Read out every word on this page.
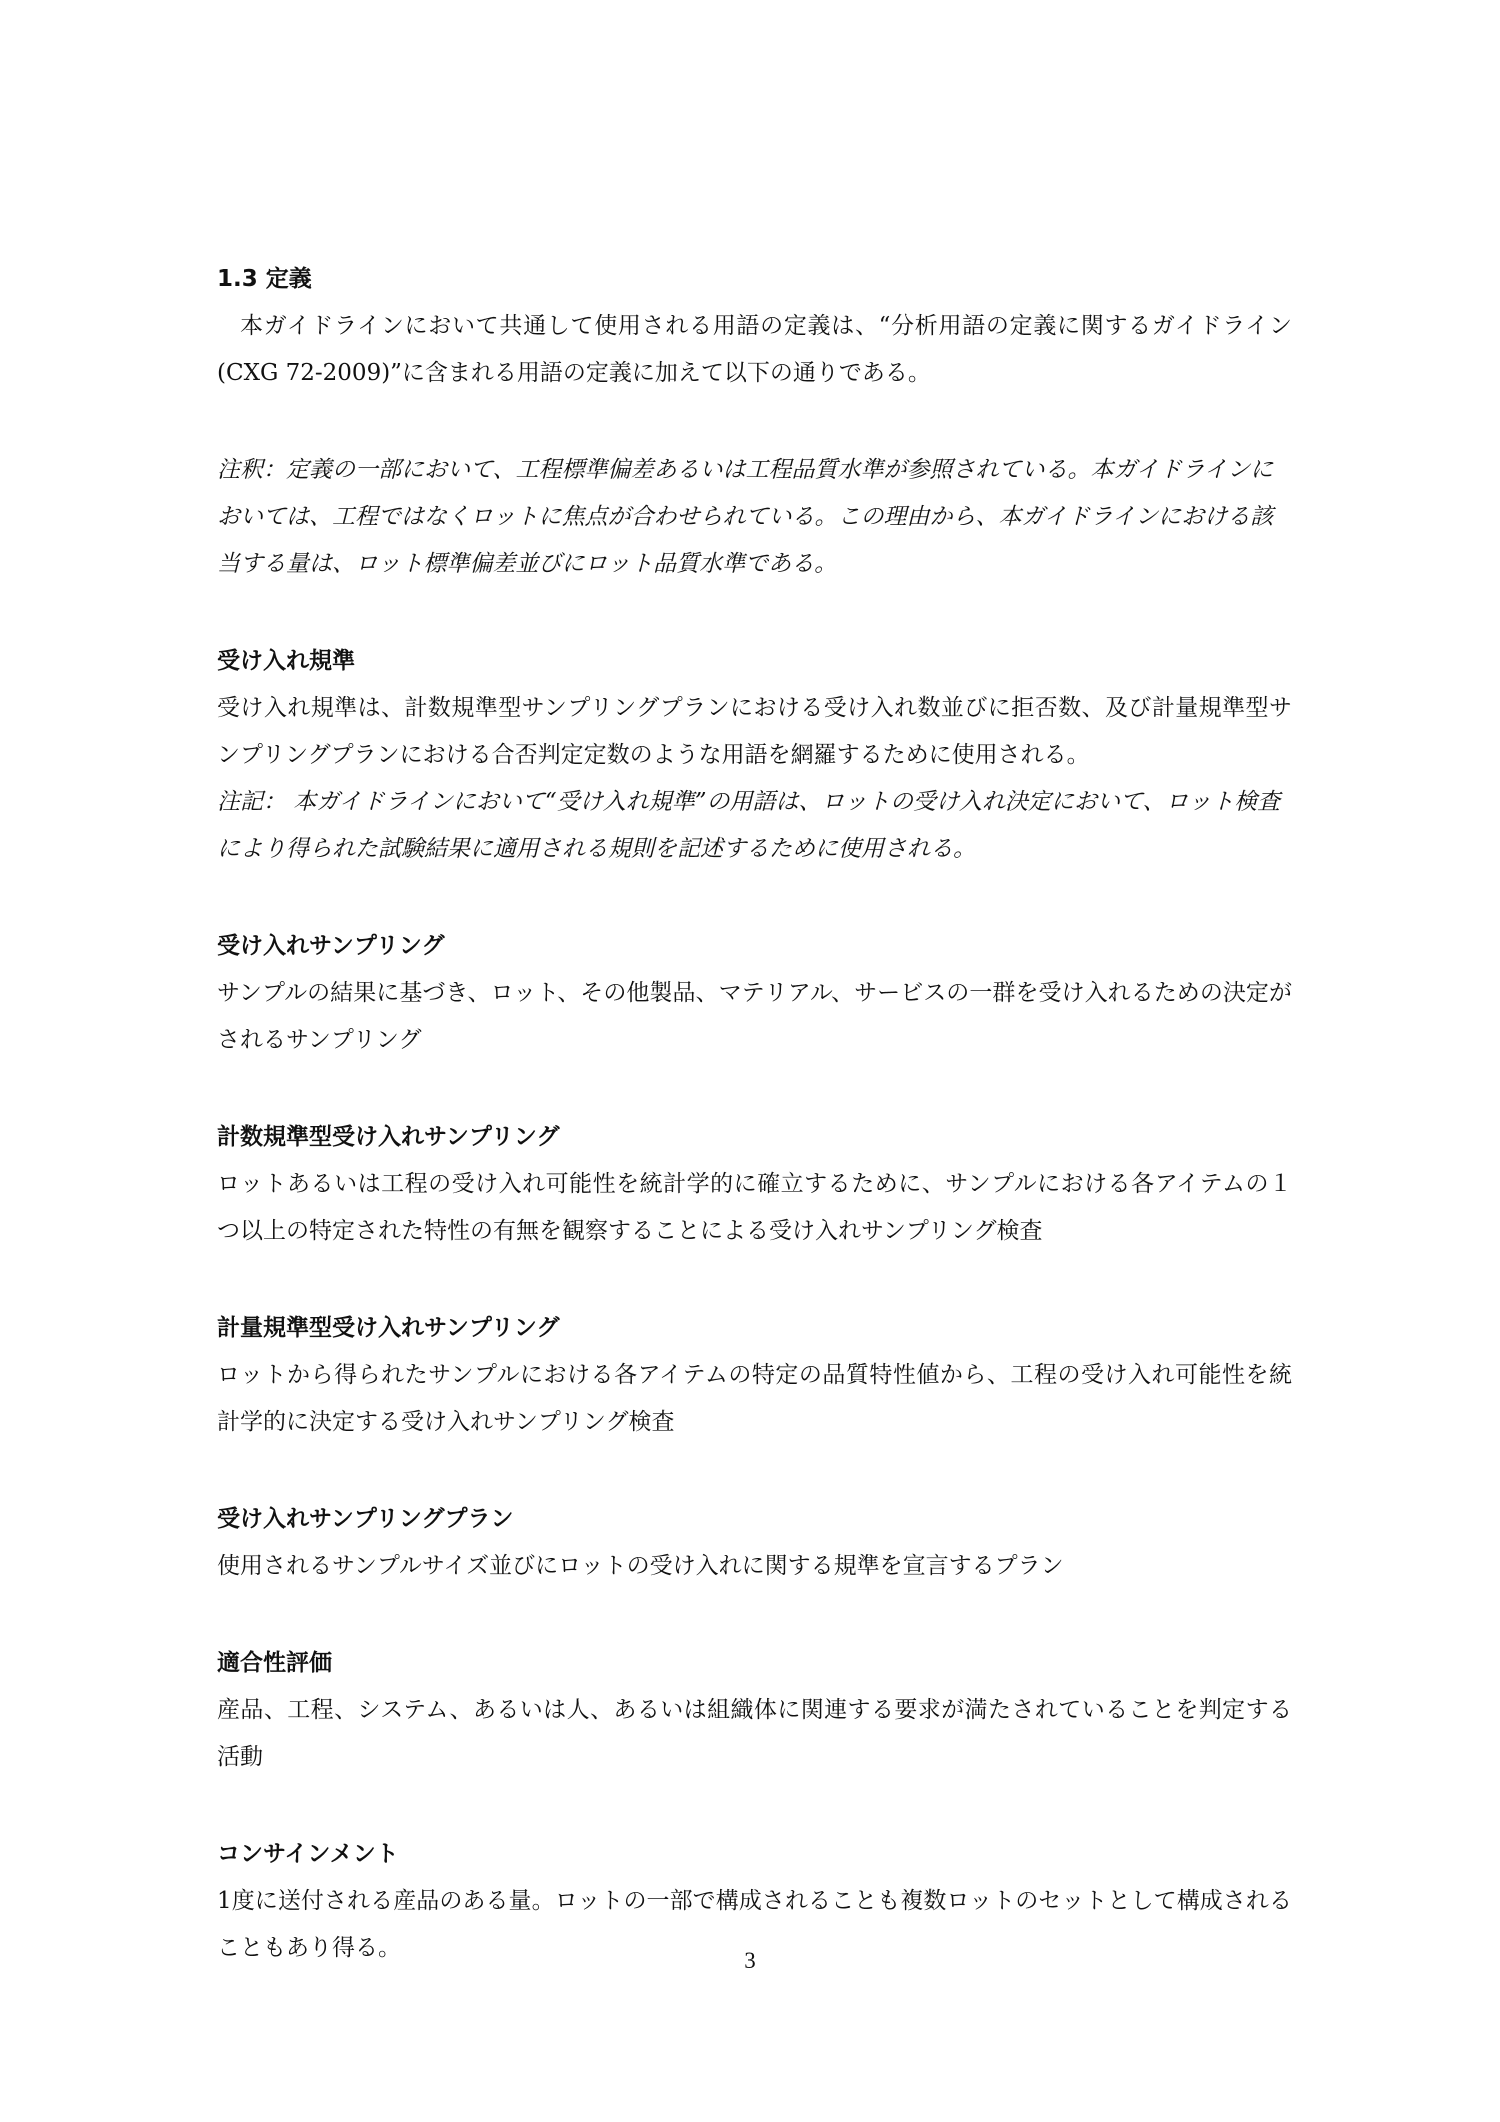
1.3 定義

本ガイドラインにおいて共通して使用される用語の定義は、“分析用語の定義に関するガイドライン(CXG 72-2009)”に含まれる用語の定義に加えて以下の通りである。

注釈：定義の一部において、工程標準偏差あるいは工程品質水準が参照されている。本ガイドラインにおいては、工程ではなくロットに焦点が合わせられている。この理由から、本ガイドラインにおける該当する量は、ロット標準偏差並びにロット品質水準である。

受け入れ規準

受け入れ規準は、計数規準型サンプリングプランにおける受け入れ数並びに拒否数、及び計量規準型サンプリングプランにおける合否判定定数のような用語を網羅するために使用される。

注記： 本ガイドラインにおいて“受け入れ規準”の用語は、ロットの受け入れ決定において、ロット検査により得られた試験結果に適用される規則を記述するために使用される。

受け入れサンプリング

サンプルの結果に基づき、ロット、その他製品、マテリアル、サービスの一群を受け入れるための決定がされるサンプリング

計数規準型受け入れサンプリング

ロットあるいは工程の受け入れ可能性を統計学的に確立するために、サンプルにおける各アイテムの１つ以上の特定された特性の有無を観察することによる受け入れサンプリング検査

計量規準型受け入れサンプリング

ロットから得られたサンプルにおける各アイテムの特定の品質特性値から、工程の受け入れ可能性を統計学的に決定する受け入れサンプリング検査

受け入れサンプリングプラン

使用されるサンプルサイズ並びにロットの受け入れに関する規準を宣言するプラン

適合性評価

産品、工程、システム、あるいは人、あるいは組織体に関連する要求が満たされていることを判定する活動

コンサインメント

1度に送付される産品のある量。ロットの一部で構成されることも複数ロットのセットとして構成されることもあり得る。	3
